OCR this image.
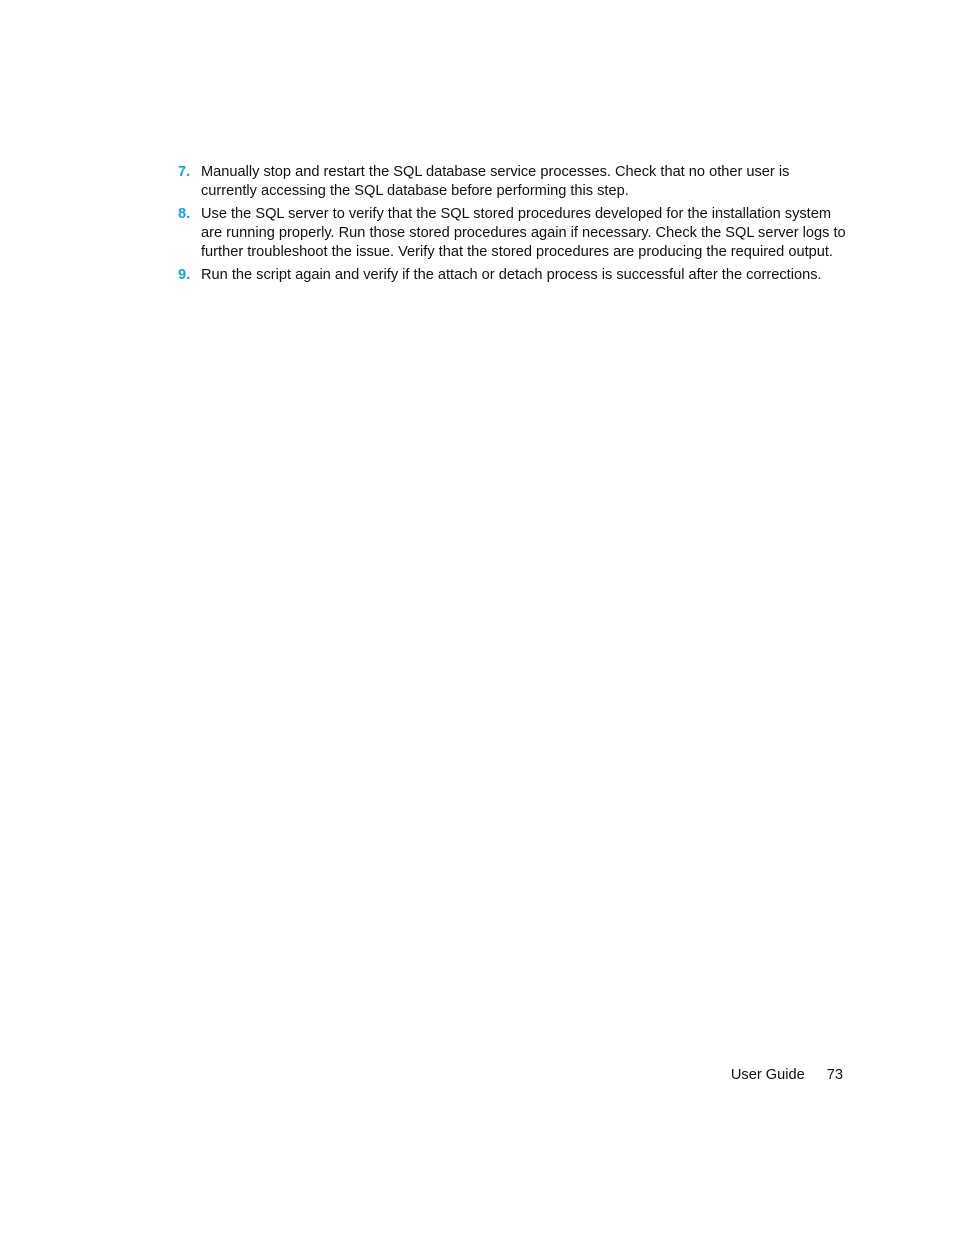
7. Manually stop and restart the SQL database service processes. Check that no other user is currently accessing the SQL database before performing this step.
8. Use the SQL server to verify that the SQL stored procedures developed for the installation system are running properly. Run those stored procedures again if necessary. Check the SQL server logs to further troubleshoot the issue. Verify that the stored procedures are producing the required output.
9. Run the script again and verify if the attach or detach process is successful after the corrections.
User Guide 73
